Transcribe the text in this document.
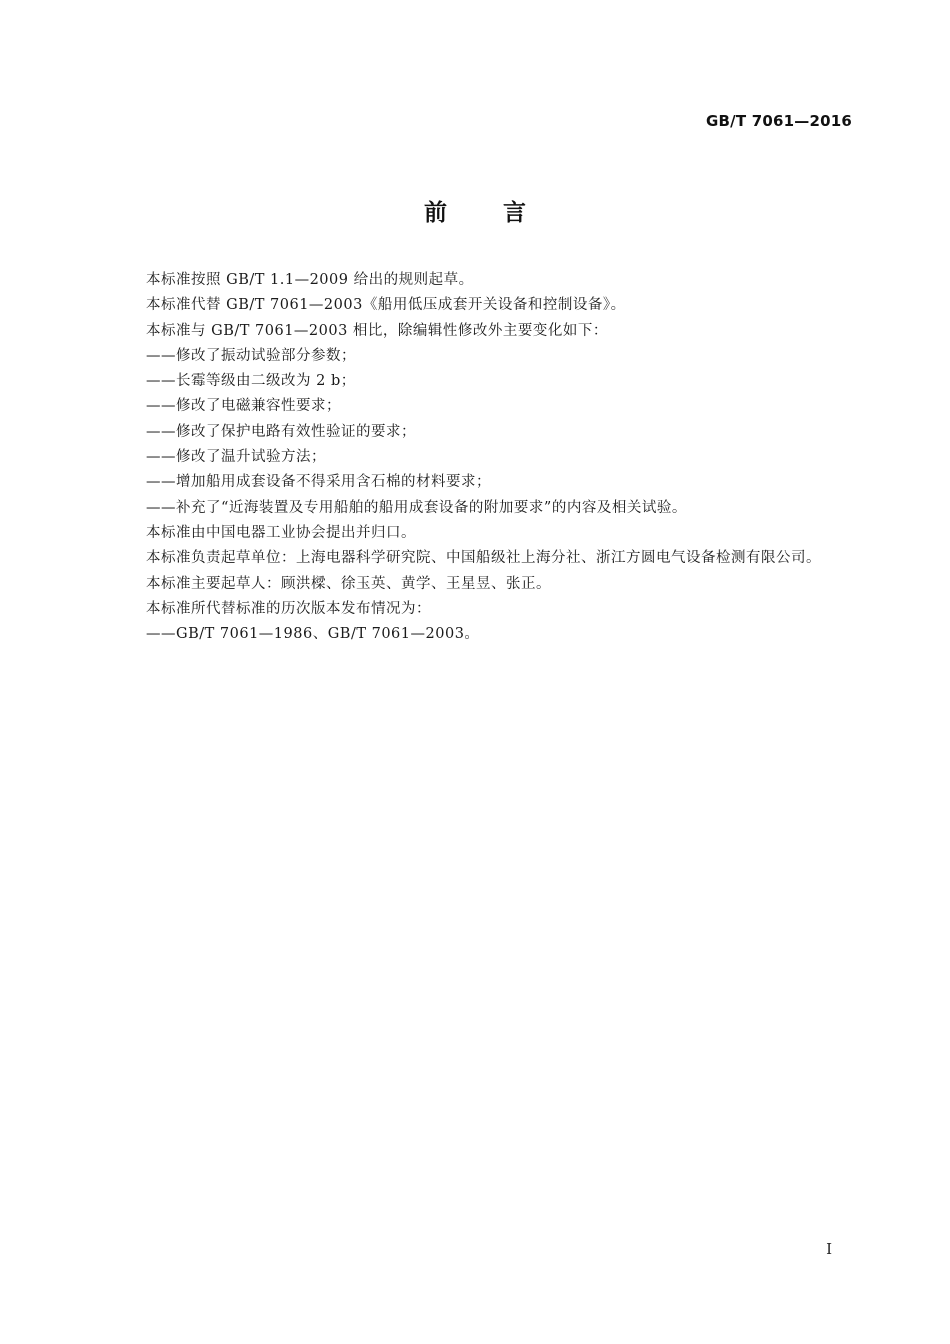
GB/T 7061—2016
前言

本标准按照 GB/T 1.1—2009 给出的规则起草。

本标准代替 GB/T 7061—2003《船用低压成套开关设备和控制设备》。

本标准与 GB/T 7061—2003 相比，除编辑性修改外主要变化如下：

——修改了振动试验部分参数；

——长霉等级由二级改为 2 b；

——修改了电磁兼容性要求；

——修改了保护电路有效性验证的要求；

——修改了温升试验方法；

——增加船用成套设备不得采用含石棉的材料要求；

——补充了“近海装置及专用船舶的船用成套设备的附加要求”的内容及相关试验。

本标准由中国电器工业协会提出并归口。

本标准负责起草单位：上海电器科学研究院、中国船级社上海分社、浙江方圆电气设备检测有限公司。

本标准主要起草人：顾洪樑、徐玉英、黄学、王星昱、张正。

本标准所代替标准的历次版本发布情况为：

——GB/T 7061—1986、GB/T 7061—2003。

I
